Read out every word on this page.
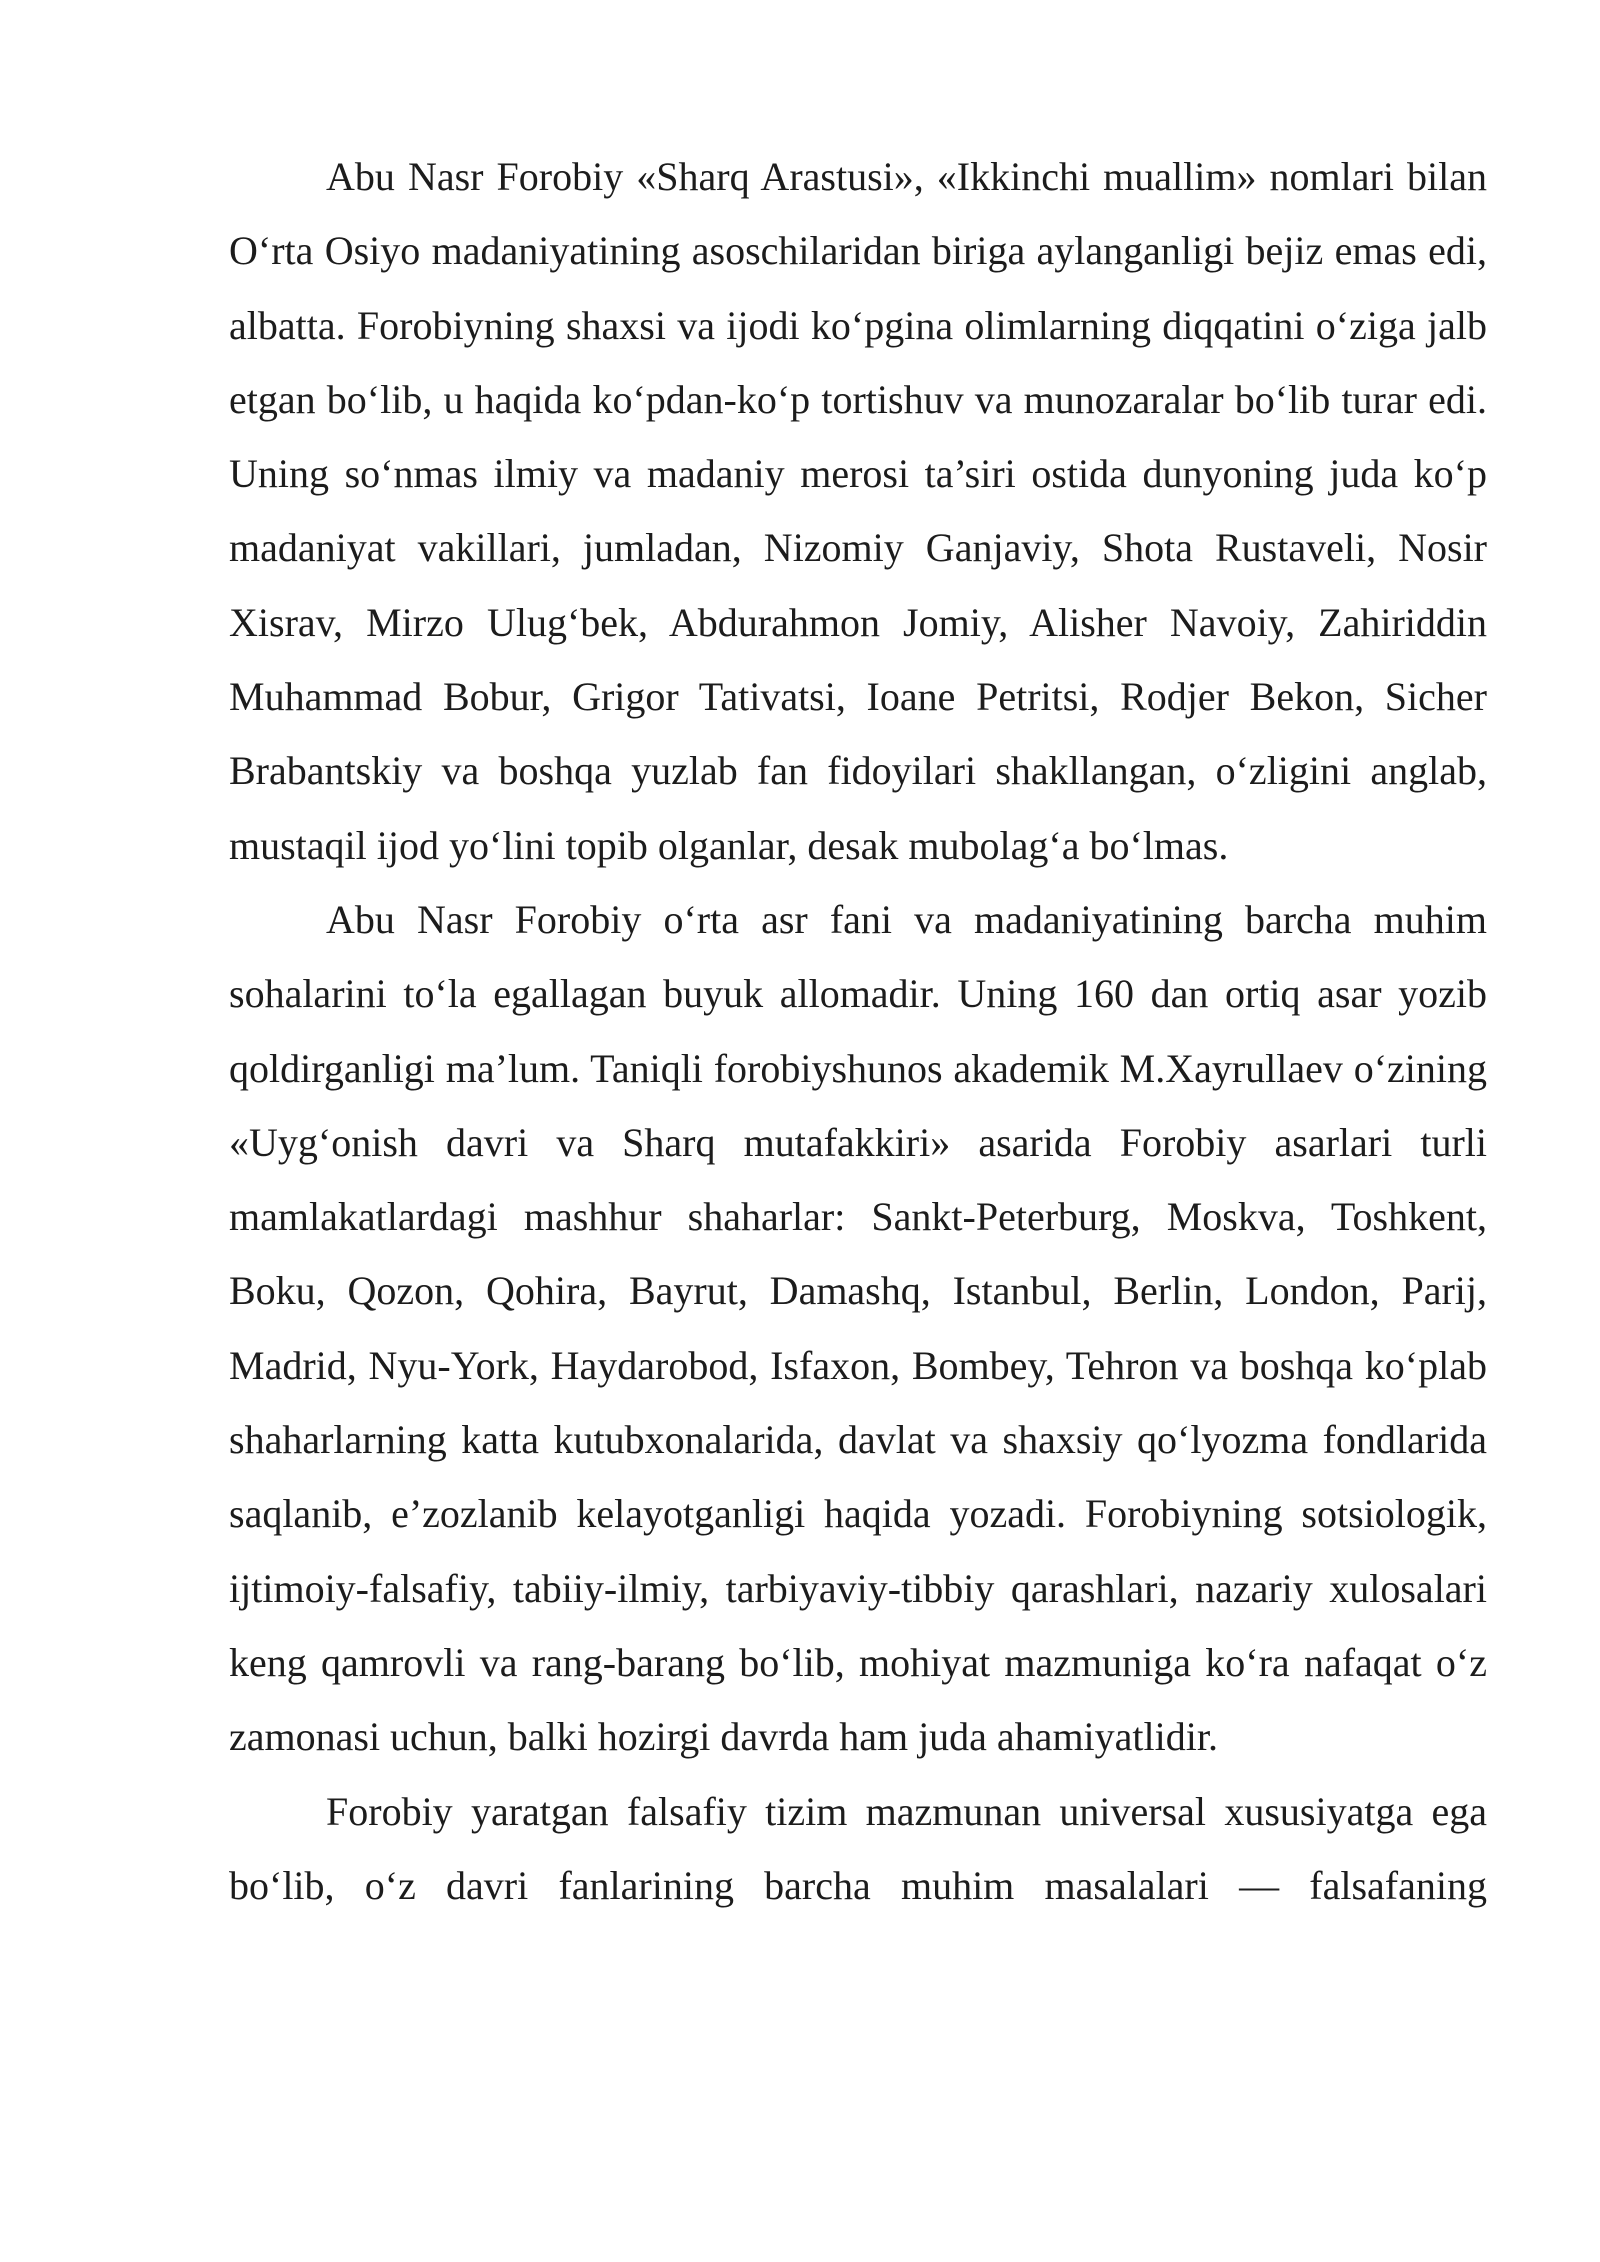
Abu Nasr Forobiy «Sharq Arastusi», «Ikkinchi muallim» nomlari bilan O‘rta Osiyo madaniyatining asoschilaridan biriga aylanganligi bejiz emas edi, albatta. Forobiyning shaxsi va ijodi ko‘pgina olimlarning diqqatini o‘ziga jalb etgan bo‘lib, u haqida ko‘pdan-ko‘p tortishuv va munozaralar bo‘lib turar edi. Uning so‘nmas ilmiy va madaniy merosi ta’siri ostida dunyoning juda ko‘p madaniyat vakillari, jumladan, Nizomiy Ganjaviy, Shota Rustaveli, Nosir Xisrav, Mirzo Ulug‘bek, Abdurahmon Jomiy, Alisher Navoiy, Zahiriddin Muhammad Bobur, Grigor Tativatsi, Ioane Petritsi, Rodjer Bekon, Sicher Brabantskiy va boshqa yuzlab fan fidoyilari shakllangan, o‘zligini anglab, mustaqil ijod yo‘lini topib olganlar, desak mubolag‘a bo‘lmas.

Abu Nasr Forobiy o‘rta asr fani va madaniyatining barcha muhim sohalarini to‘la egallagan buyuk allomadir. Uning 160 dan ortiq asar yozib qoldirganligi ma’lum. Taniqli forobiyshunos akademik M.Xayrullaev o‘zining «Uyg‘onish davri va Sharq mutafakkiri» asarida Forobiy asarlari turli mamlakatlardagi mashhur shaharlar: Sankt-Peterburg, Moskva, Toshkent, Boku, Qozon, Qohira, Bayrut, Damashq, Istanbul, Berlin, London, Parij, Madrid, Nyu-York, Haydarobod, Isfaxon, Bombey, Tehron va boshqa ko‘plab shaharlarning katta kutubxonalarida, davlat va shaxsiy qo‘lyozma fondlarida saqlanib, e’zozlanib kelayotganligi haqida yozadi. Forobiyning sotsiologik, ijtimoiy-falsafiy, tabiiy-ilmiy, tarbiyaviy-tibbiy qarashlari, nazariy xulosalari keng qamrovli va rang-barang bo‘lib, mohiyat mazmuniga ko‘ra nafaqat o‘z zamonasi uchun, balki hozirgi davrda ham juda ahamiyatlidir.

Forobiy yaratgan falsafiy tizim mazmunan universal xususiyatga ega bo‘lib, o‘z davri fanlarining barcha muhim masalalari — falsafaning
